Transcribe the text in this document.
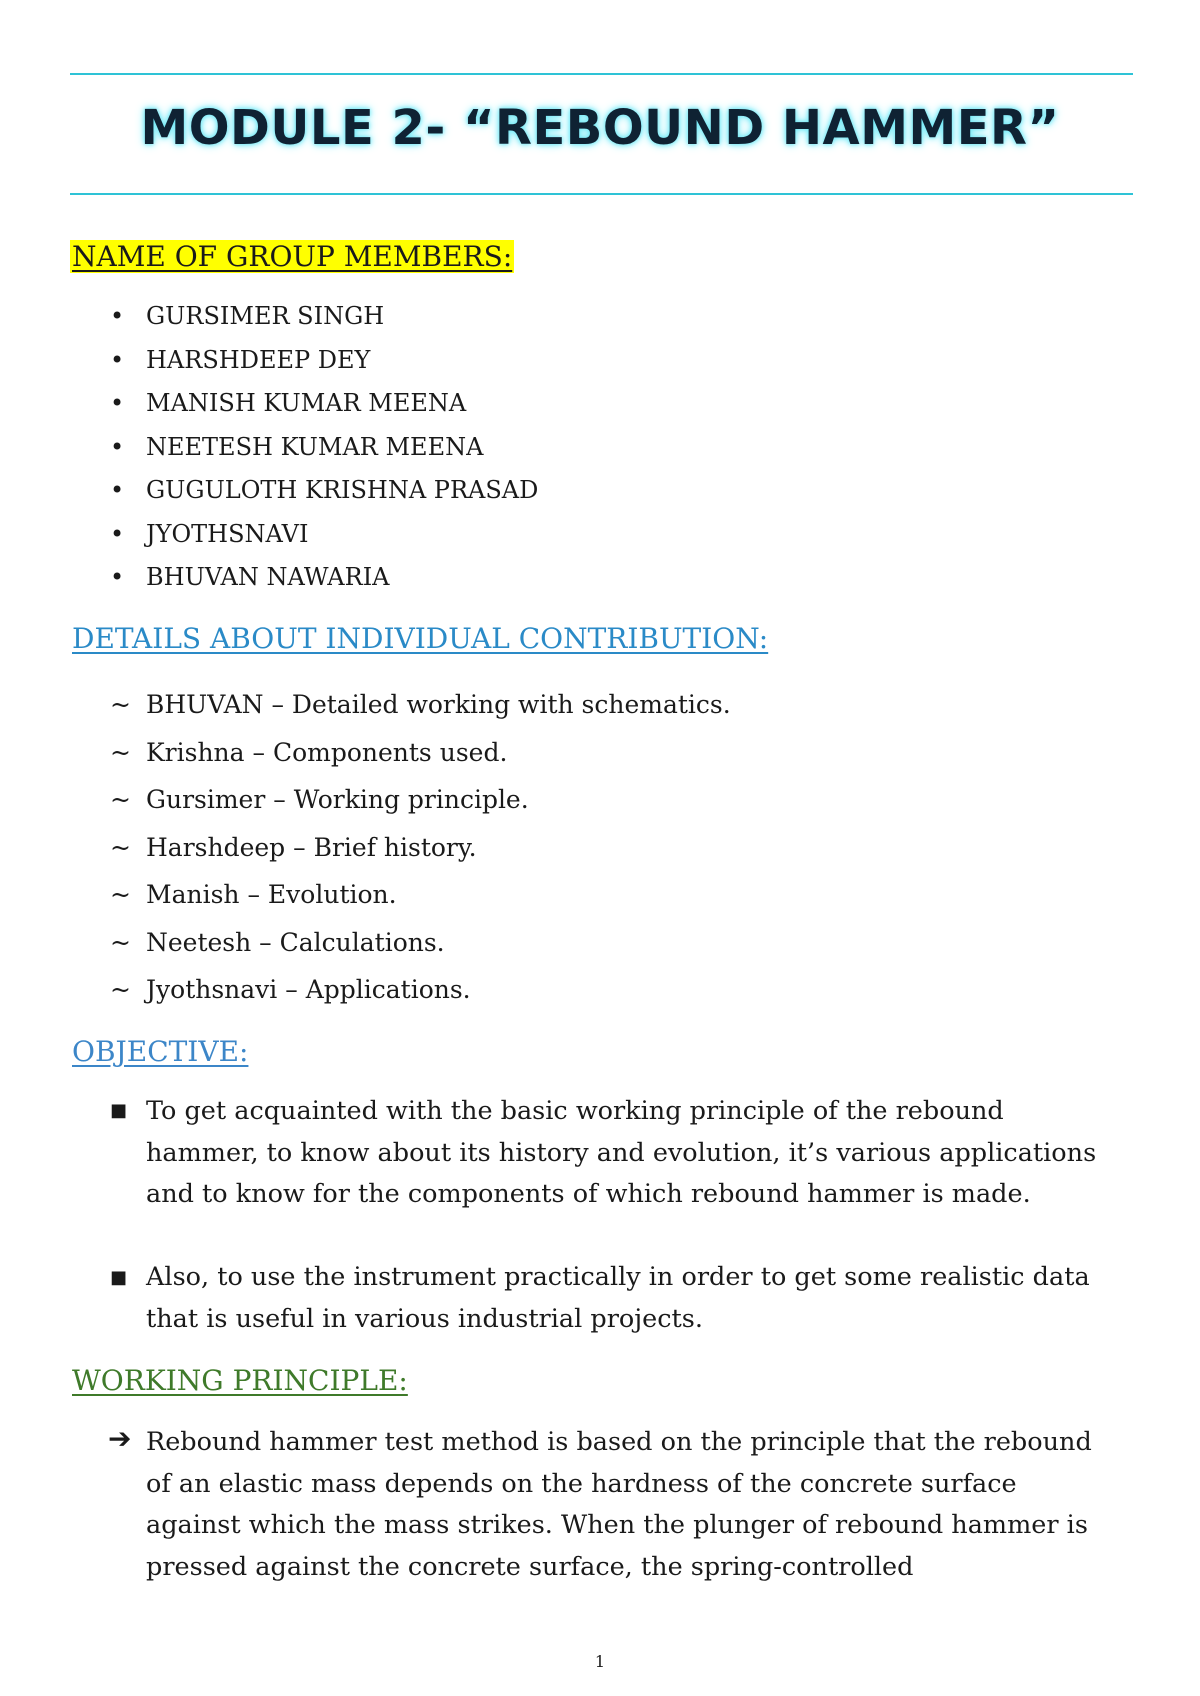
MODULE 2- “REBOUND HAMMER”
NAME OF GROUP MEMBERS:
• GURSIMER SINGH
• HARSHDEEP DEY
• MANISH KUMAR MEENA
• NEETESH KUMAR MEENA
• GUGULOTH KRISHNA PRASAD
• JYOTHSNAVI
• BHUVAN NAWARIA
DETAILS ABOUT INDIVIDUAL CONTRIBUTION:
~ BHUVAN – Detailed working with schematics.
~ Krishna – Components used.
~ Gursimer – Working principle.
~ Harshdeep – Brief history.
~ Manish – Evolution.
~ Neetesh – Calculations.
~ Jyothsnavi – Applications.
OBJECTIVE:
■ To get acquainted with the basic working principle of the rebound hammer, to know about its history and evolution, it’s various applications and to know for the components of which rebound hammer is made.
■ Also, to use the instrument practically in order to get some realistic data that is useful in various industrial projects.
WORKING PRINCIPLE:
➔ Rebound hammer test method is based on the principle that the rebound of an elastic mass depends on the hardness of the concrete surface against which the mass strikes. When the plunger of rebound hammer is pressed against the concrete surface, the spring-controlled
1
